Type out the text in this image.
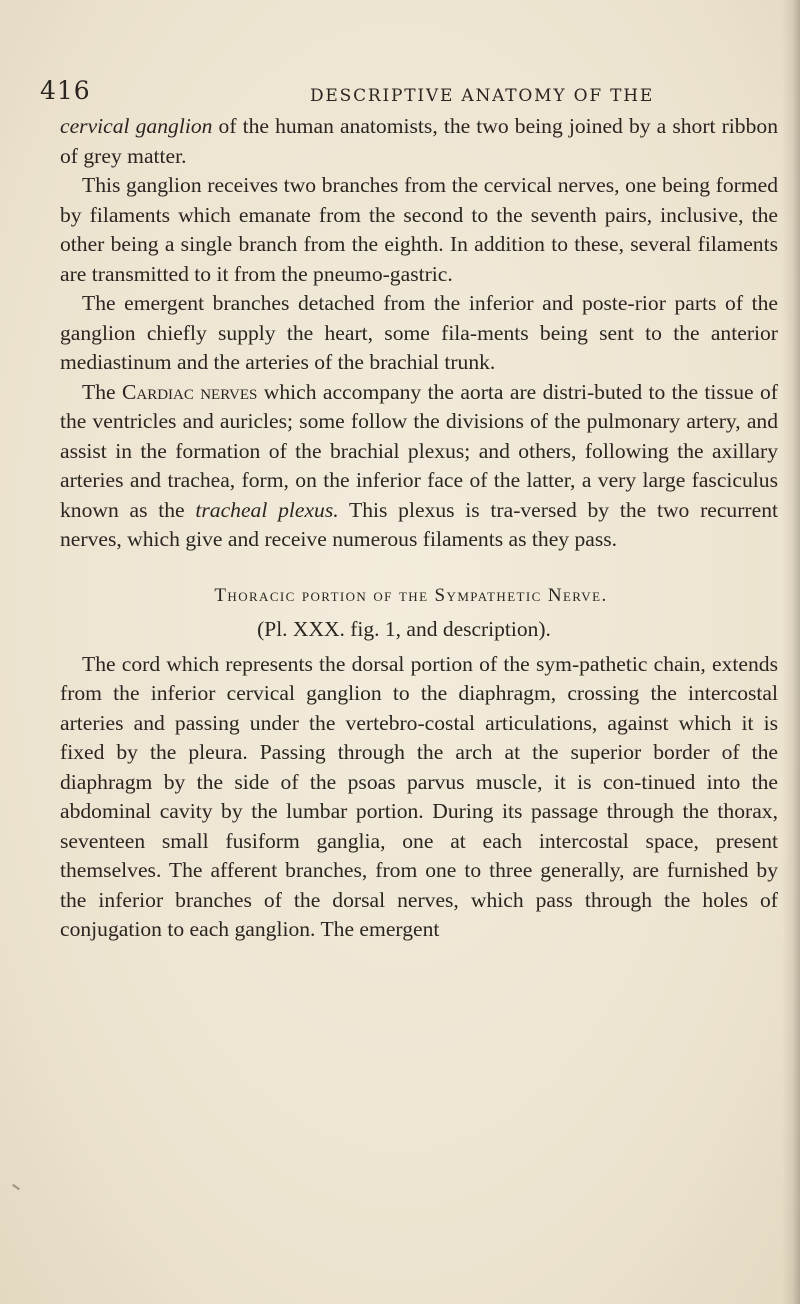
416	DESCRIPTIVE ANATOMY OF THE

cervical ganglion of the human anatomists, the two being joined by a short ribbon of grey matter.

This ganglion receives two branches from the cervical nerves, one being formed by filaments which emanate from the second to the seventh pairs, inclusive, the other being a single branch from the eighth. In addition to these, several filaments are transmitted to it from the pneumo-gastric.

The emergent branches detached from the inferior and poste-rior parts of the ganglion chiefly supply the heart, some fila-ments being sent to the anterior mediastinum and the arteries of the brachial trunk.

The Cardiac nerves which accompany the aorta are distri-buted to the tissue of the ventricles and auricles; some follow the divisions of the pulmonary artery, and assist in the formation of the brachial plexus; and others, following the axillary arteries and trachea, form, on the inferior face of the latter, a very large fasciculus known as the tracheal plexus. This plexus is tra-versed by the two recurrent nerves, which give and receive numerous filaments as they pass.

Thoracic portion of the Sympathetic Nerve.
(Pl. XXX. fig. 1, and description).

The cord which represents the dorsal portion of the sym-pathetic chain, extends from the inferior cervical ganglion to the diaphragm, crossing the intercostal arteries and passing under the vertebro-costal articulations, against which it is fixed by the pleura. Passing through the arch at the superior border of the diaphragm by the side of the psoas parvus muscle, it is con-tinued into the abdominal cavity by the lumbar portion. During its passage through the thorax, seventeen small fusiform ganglia, one at each intercostal space, present themselves. The afferent branches, from one to three generally, are furnished by the inferior branches of the dorsal nerves, which pass through the holes of conjugation to each ganglion. The emergent
